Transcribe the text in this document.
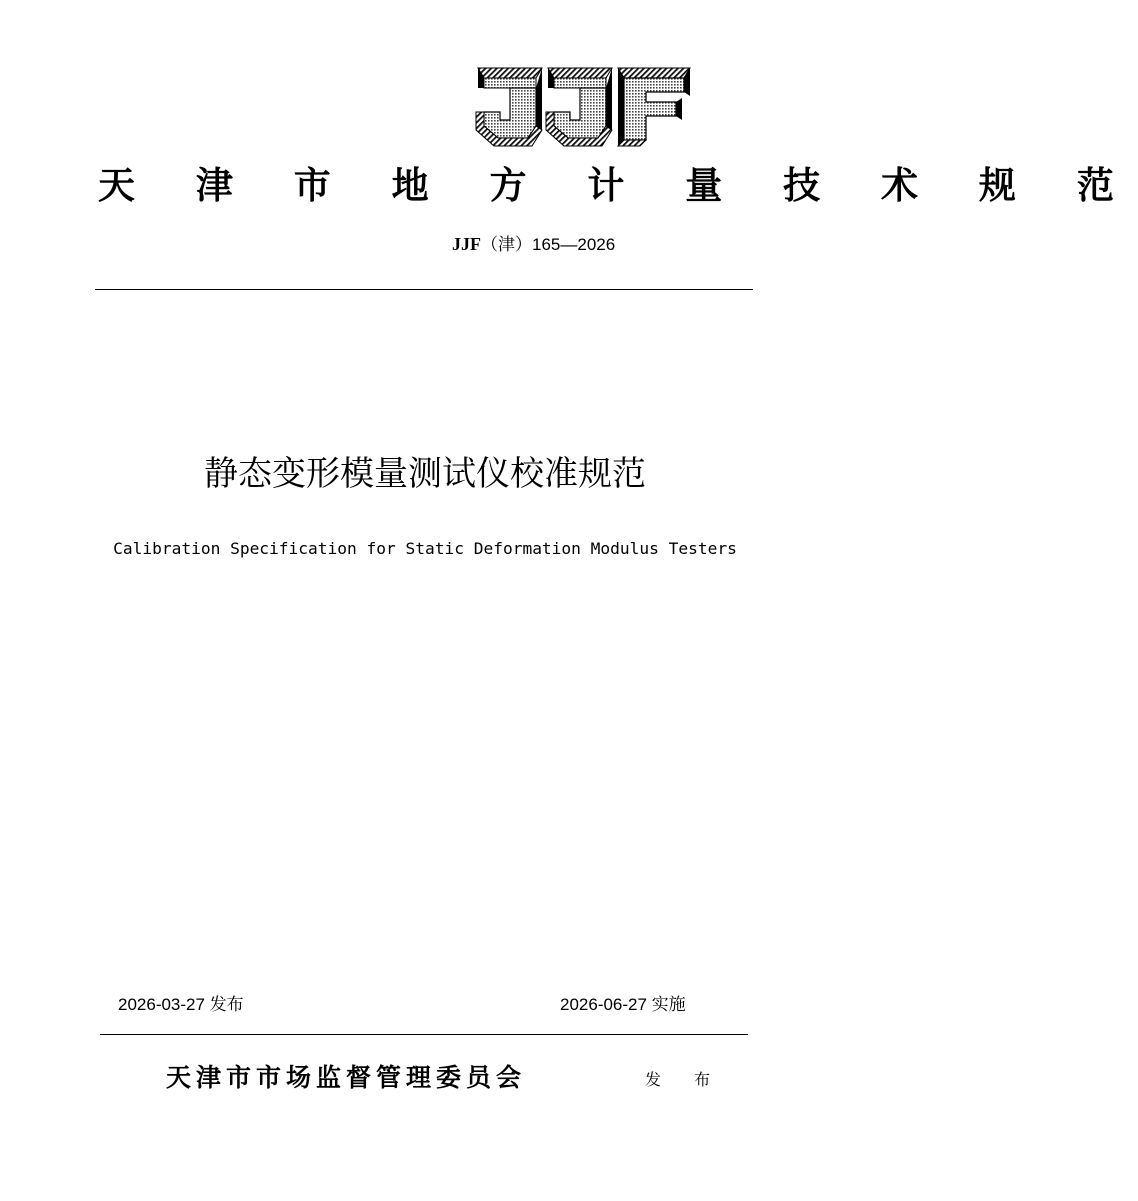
天 津 市 地 方 计 量 技 术 规 范
JJF（津）165—2026
静态变形模量测试仪校准规范
Calibration Specification for Static Deformation Modulus Testers
2026-03-27 发布	2026-06-27 实施
天津市市场监督管理委员会	发 布
